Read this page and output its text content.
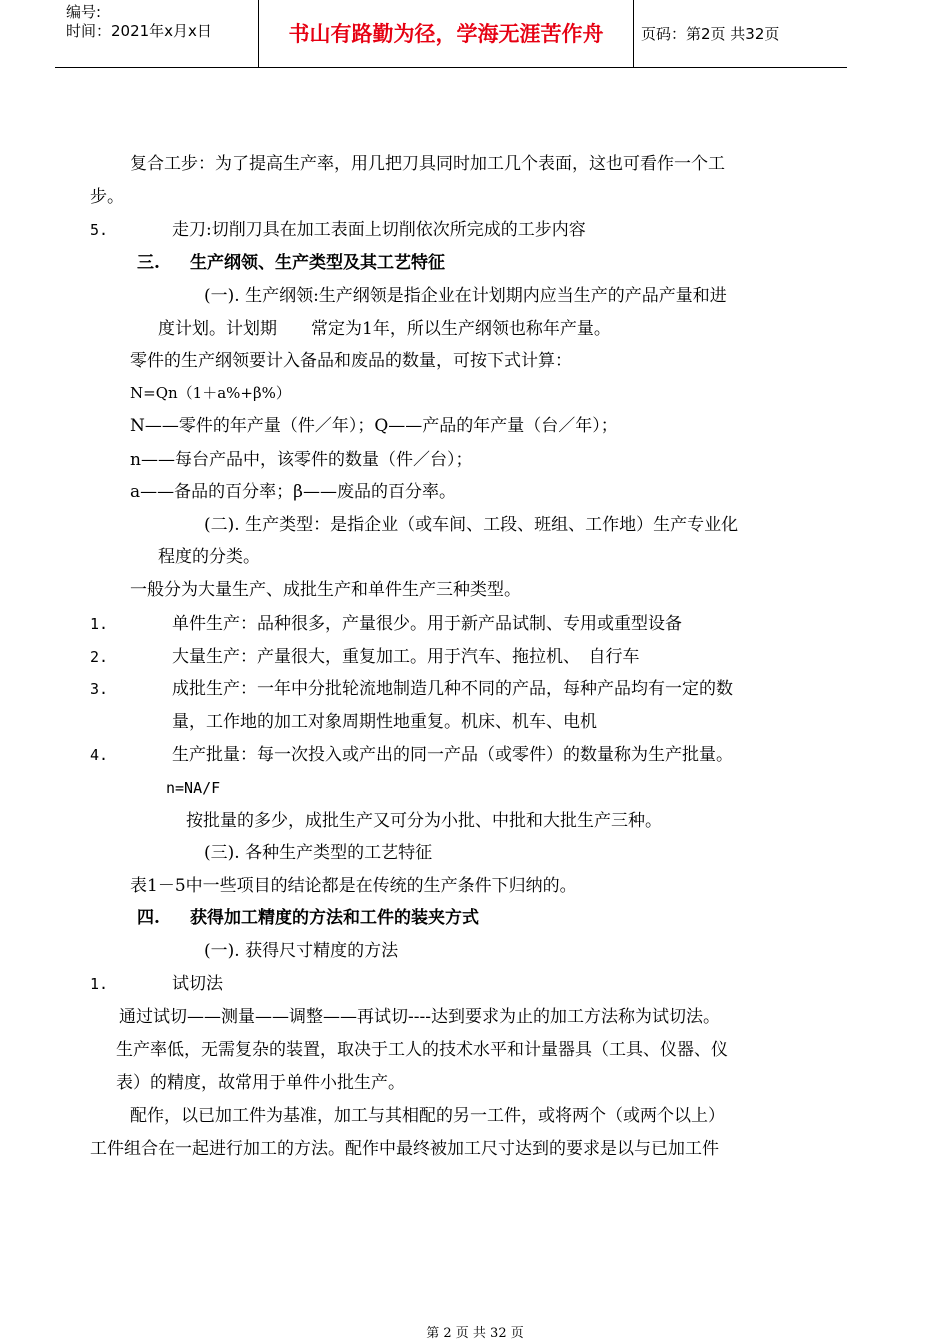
编号:
时间：2021年x月x日	书山有路勤为径，学海无涯苦作舟	页码：第2页 共32页
复合工步：为了提高生产率，用几把刀具同时加工几个表面，这也可看作一个工
步。
5.	走刀:切削刀具在加工表面上切削依次所完成的工步内容
三. 生产纲领、生产类型及其工艺特征
(一). 生产纲领:生产纲领是指企业在计划期内应当生产的产品产量和进
度计划。计划期　　常定为1年，所以生产纲领也称年产量。
零件的生产纲领要计入备品和废品的数量，可按下式计算：
N=Qn（1＋a%+β%）
N——零件的年产量（件／年）；Q——产品的年产量（台／年）；
n——每台产品中，该零件的数量（件／台）；
a——备品的百分率；β——废品的百分率。
(二). 生产类型：是指企业（或车间、工段、班组、工作地）生产专业化
程度的分类。
一般分为大量生产、成批生产和单件生产三种类型。
1.	单件生产：品种很多，产量很少。用于新产品试制、专用或重型设备
2.	大量生产：产量很大，重复加工。用于汽车、拖拉机、　自行车
3.	成批生产：一年中分批轮流地制造几种不同的产品，每种产品均有一定的数
量，工作地的加工对象周期性地重复。机床、机车、电机
4.	生产批量：每一次投入或产出的同一产品（或零件）的数量称为生产批量。
n=NA/F
按批量的多少，成批生产又可分为小批、中批和大批生产三种。
(三). 各种生产类型的工艺特征
表1－5中一些项目的结论都是在传统的生产条件下归纳的。
四. 获得加工精度的方法和工件的装夹方式
(一). 获得尺寸精度的方法
1.	试切法
通过试切——测量——调整——再试切----达到要求为止的加工方法称为试切法。
生产率低，无需复杂的装置，取决于工人的技术水平和计量器具（工具、仪器、仪
表）的精度，故常用于单件小批生产。
配作，以已加工件为基准，加工与其相配的另一工件，或将两个（或两个以上）
工件组合在一起进行加工的方法。配作中最终被加工尺寸达到的要求是以与已加工件
第 2 页 共 32 页
